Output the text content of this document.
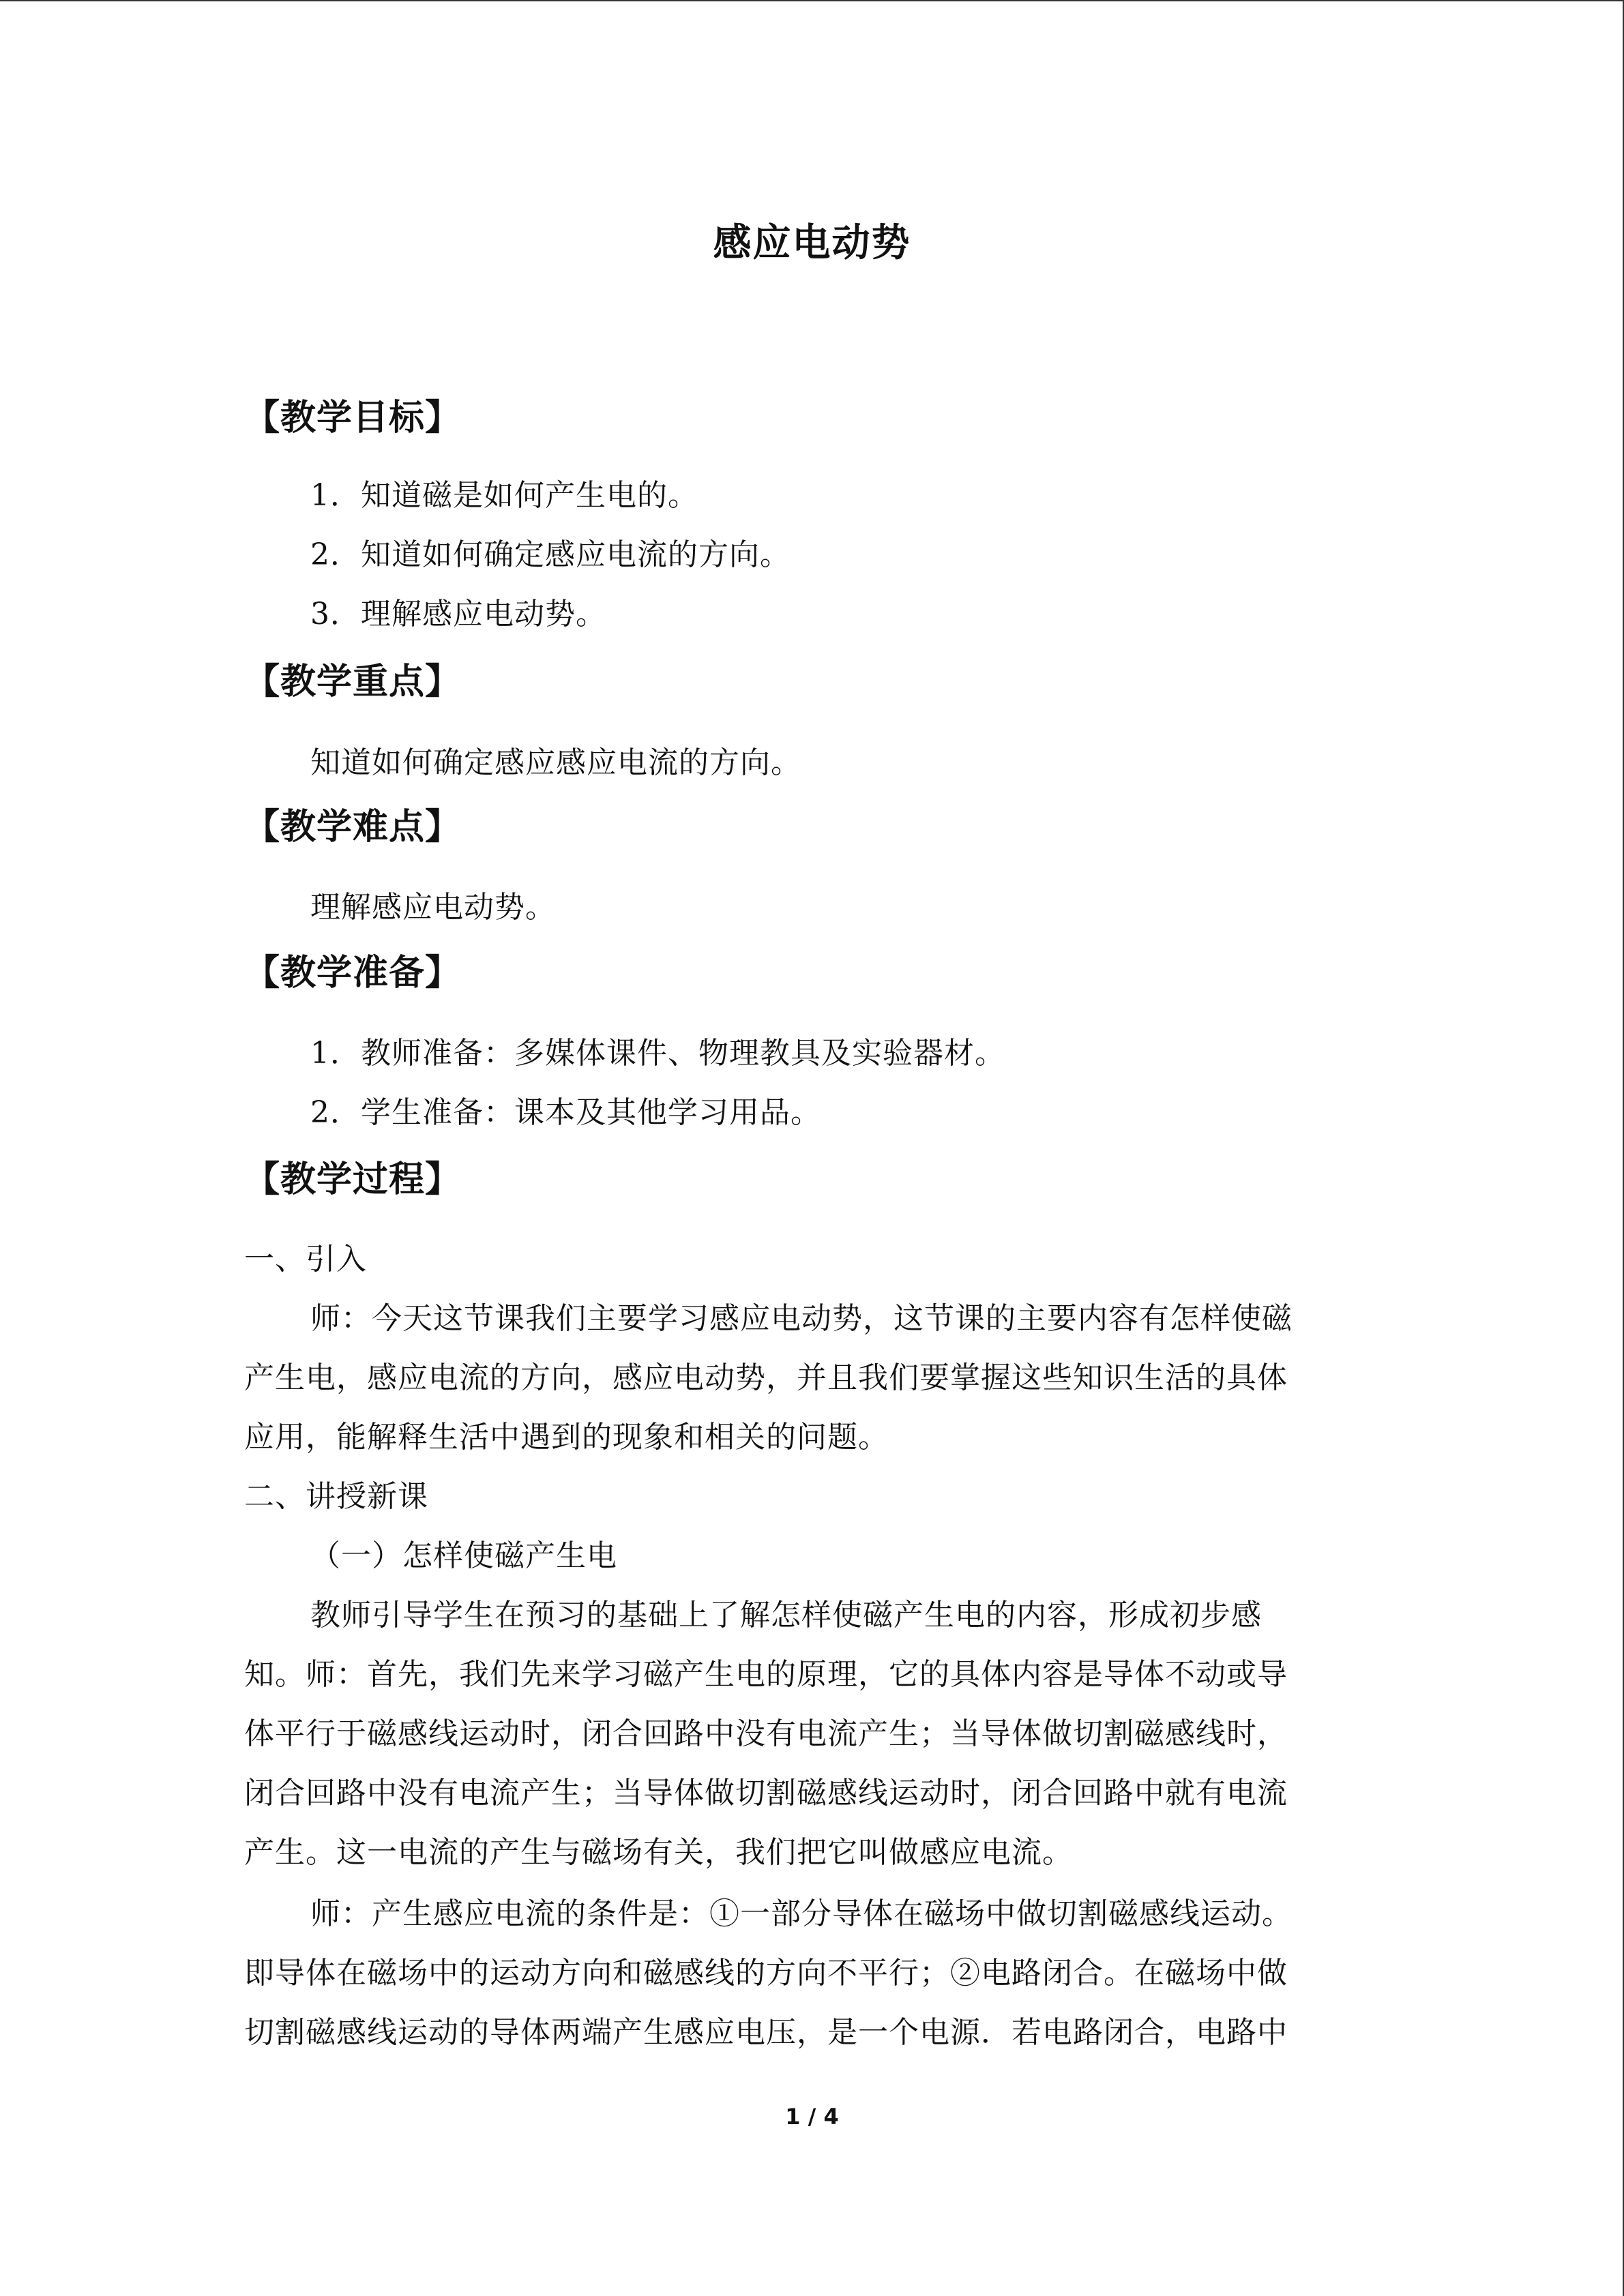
感应电动势
【教学目标】
1．知道磁是如何产生电的。
2．知道如何确定感应电流的方向。
3．理解感应电动势。
【教学重点】
知道如何确定感应感应电流的方向。
【教学难点】
理解感应电动势。
【教学准备】
1．教师准备：多媒体课件、物理教具及实验器材。
2．学生准备：课本及其他学习用品。
【教学过程】
一、引入
师：今天这节课我们主要学习感应电动势，这节课的主要内容有怎样使磁
产生电，感应电流的方向，感应电动势，并且我们要掌握这些知识生活的具体
应用，能解释生活中遇到的现象和相关的问题。
二、讲授新课
（一）怎样使磁产生电
教师引导学生在预习的基础上了解怎样使磁产生电的内容，形成初步感
知。师：首先，我们先来学习磁产生电的原理，它的具体内容是导体不动或导
体平行于磁感线运动时，闭合回路中没有电流产生；当导体做切割磁感线时，
闭合回路中没有电流产生；当导体做切割磁感线运动时，闭合回路中就有电流
产生。这一电流的产生与磁场有关，我们把它叫做感应电流。
师：产生感应电流的条件是：①一部分导体在磁场中做切割磁感线运动。
即导体在磁场中的运动方向和磁感线的方向不平行；②电路闭合。在磁场中做
切割磁感线运动的导体两端产生感应电压，是一个电源．若电路闭合，电路中
1 / 4
